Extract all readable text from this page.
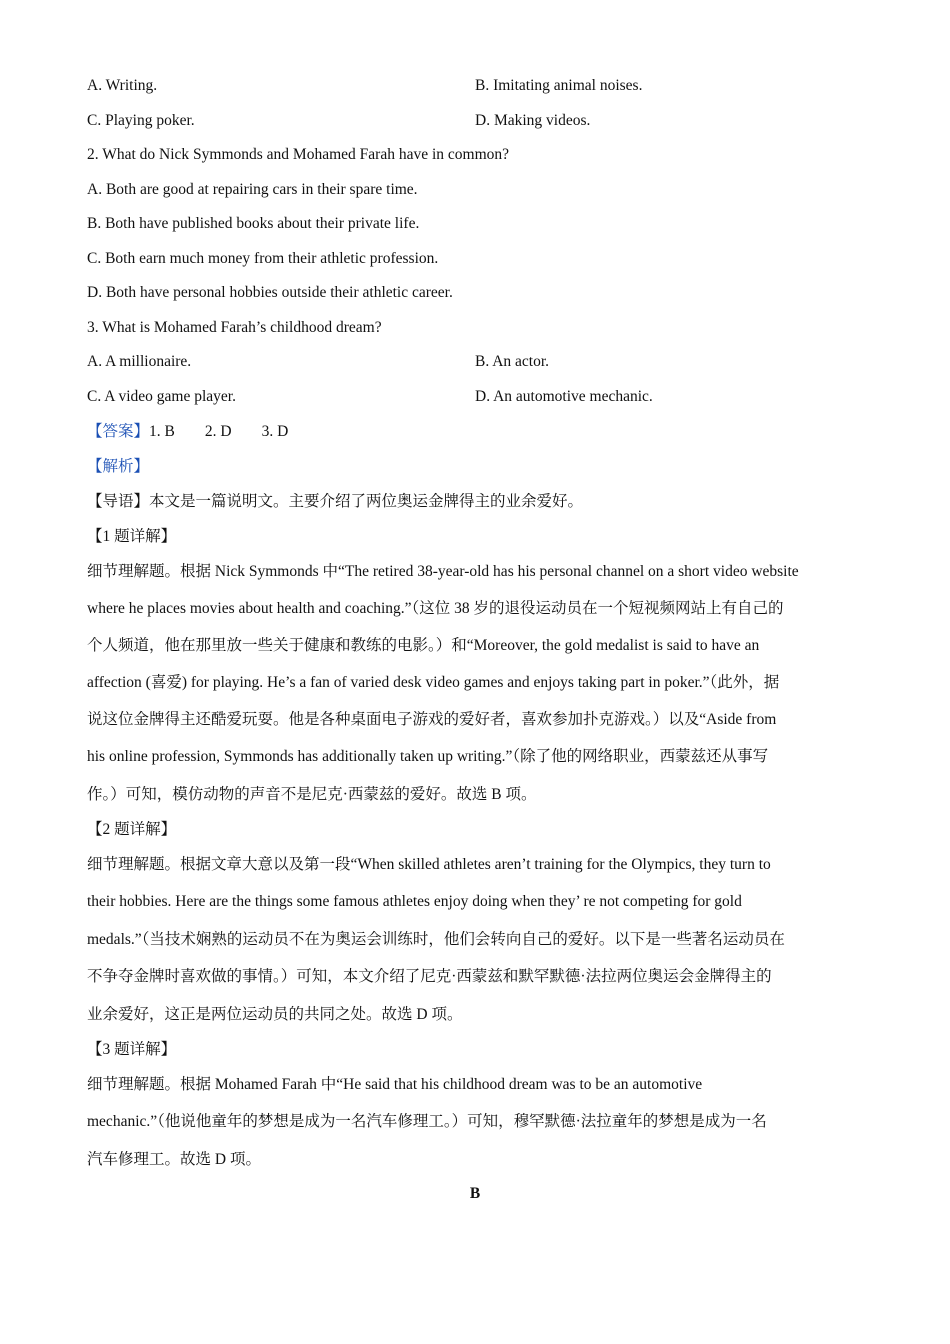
A. Writing.	B. Imitating animal noises.
C. Playing poker.	D. Making videos.
2. What do Nick Symmonds and Mohamed Farah have in common?
A. Both are good at repairing cars in their spare time.
B. Both have published books about their private life.
C. Both earn much money from their athletic profession.
D. Both have personal hobbies outside their athletic career.
3. What is Mohamed Farah’s childhood dream?
A. A millionaire.	B. An actor.
C. A video game player.	D. An automotive mechanic.
【答案】1. B 2. D 3. D
【解析】
【导语】本文是一篇说明文。主要介绍了两位奥运金牌得主的业余爱好。
【1 题详解】
细节理解题。根据 Nick Symmonds 中“The retired 38-year-old has his personal channel on a short video website
where he places movies about health and coaching.”（这位 38 岁的退役运动员在一个短视频网站上有自己的
个人频道，他在那里放一些关于健康和教练的电影。）和“Moreover, the gold medalist is said to have an
affection (喜爱) for playing. He’s a fan of varied desk video games and enjoys taking part in poker.”（此外，据
说这位金牌得主还酷爱玩耍。他是各种桌面电子游戏的爱好者，喜欢参加扑克游戏。）以及“Aside from
his online profession, Symmonds has additionally taken up writing.”（除了他的网络职业，西蒙兹还从事写
作。）可知，模仿动物的声音不是尼克·西蒙兹的爱好。故选 B 项。
【2 题详解】
细节理解题。根据文章大意以及第一段“When skilled athletes aren’t training for the Olympics, they turn to
their hobbies. Here are the things some famous athletes enjoy doing when they’ re not competing for gold
medals.”（当技术娴熟的运动员不在为奥运会训练时，他们会转向自己的爱好。以下是一些著名运动员在
不争夺金牌时喜欢做的事情。）可知，本文介绍了尼克·西蒙兹和默罕默德·法拉两位奥运会金牌得主的
业余爱好，这正是两位运动员的共同之处。故选 D 项。
【3 题详解】
细节理解题。根据 Mohamed Farah 中“He said that his childhood dream was to be an automotive
mechanic.”（他说他童年的梦想是成为一名汽车修理工。）可知，穆罕默德·法拉童年的梦想是成为一名
汽车修理工。故选 D 项。
B
